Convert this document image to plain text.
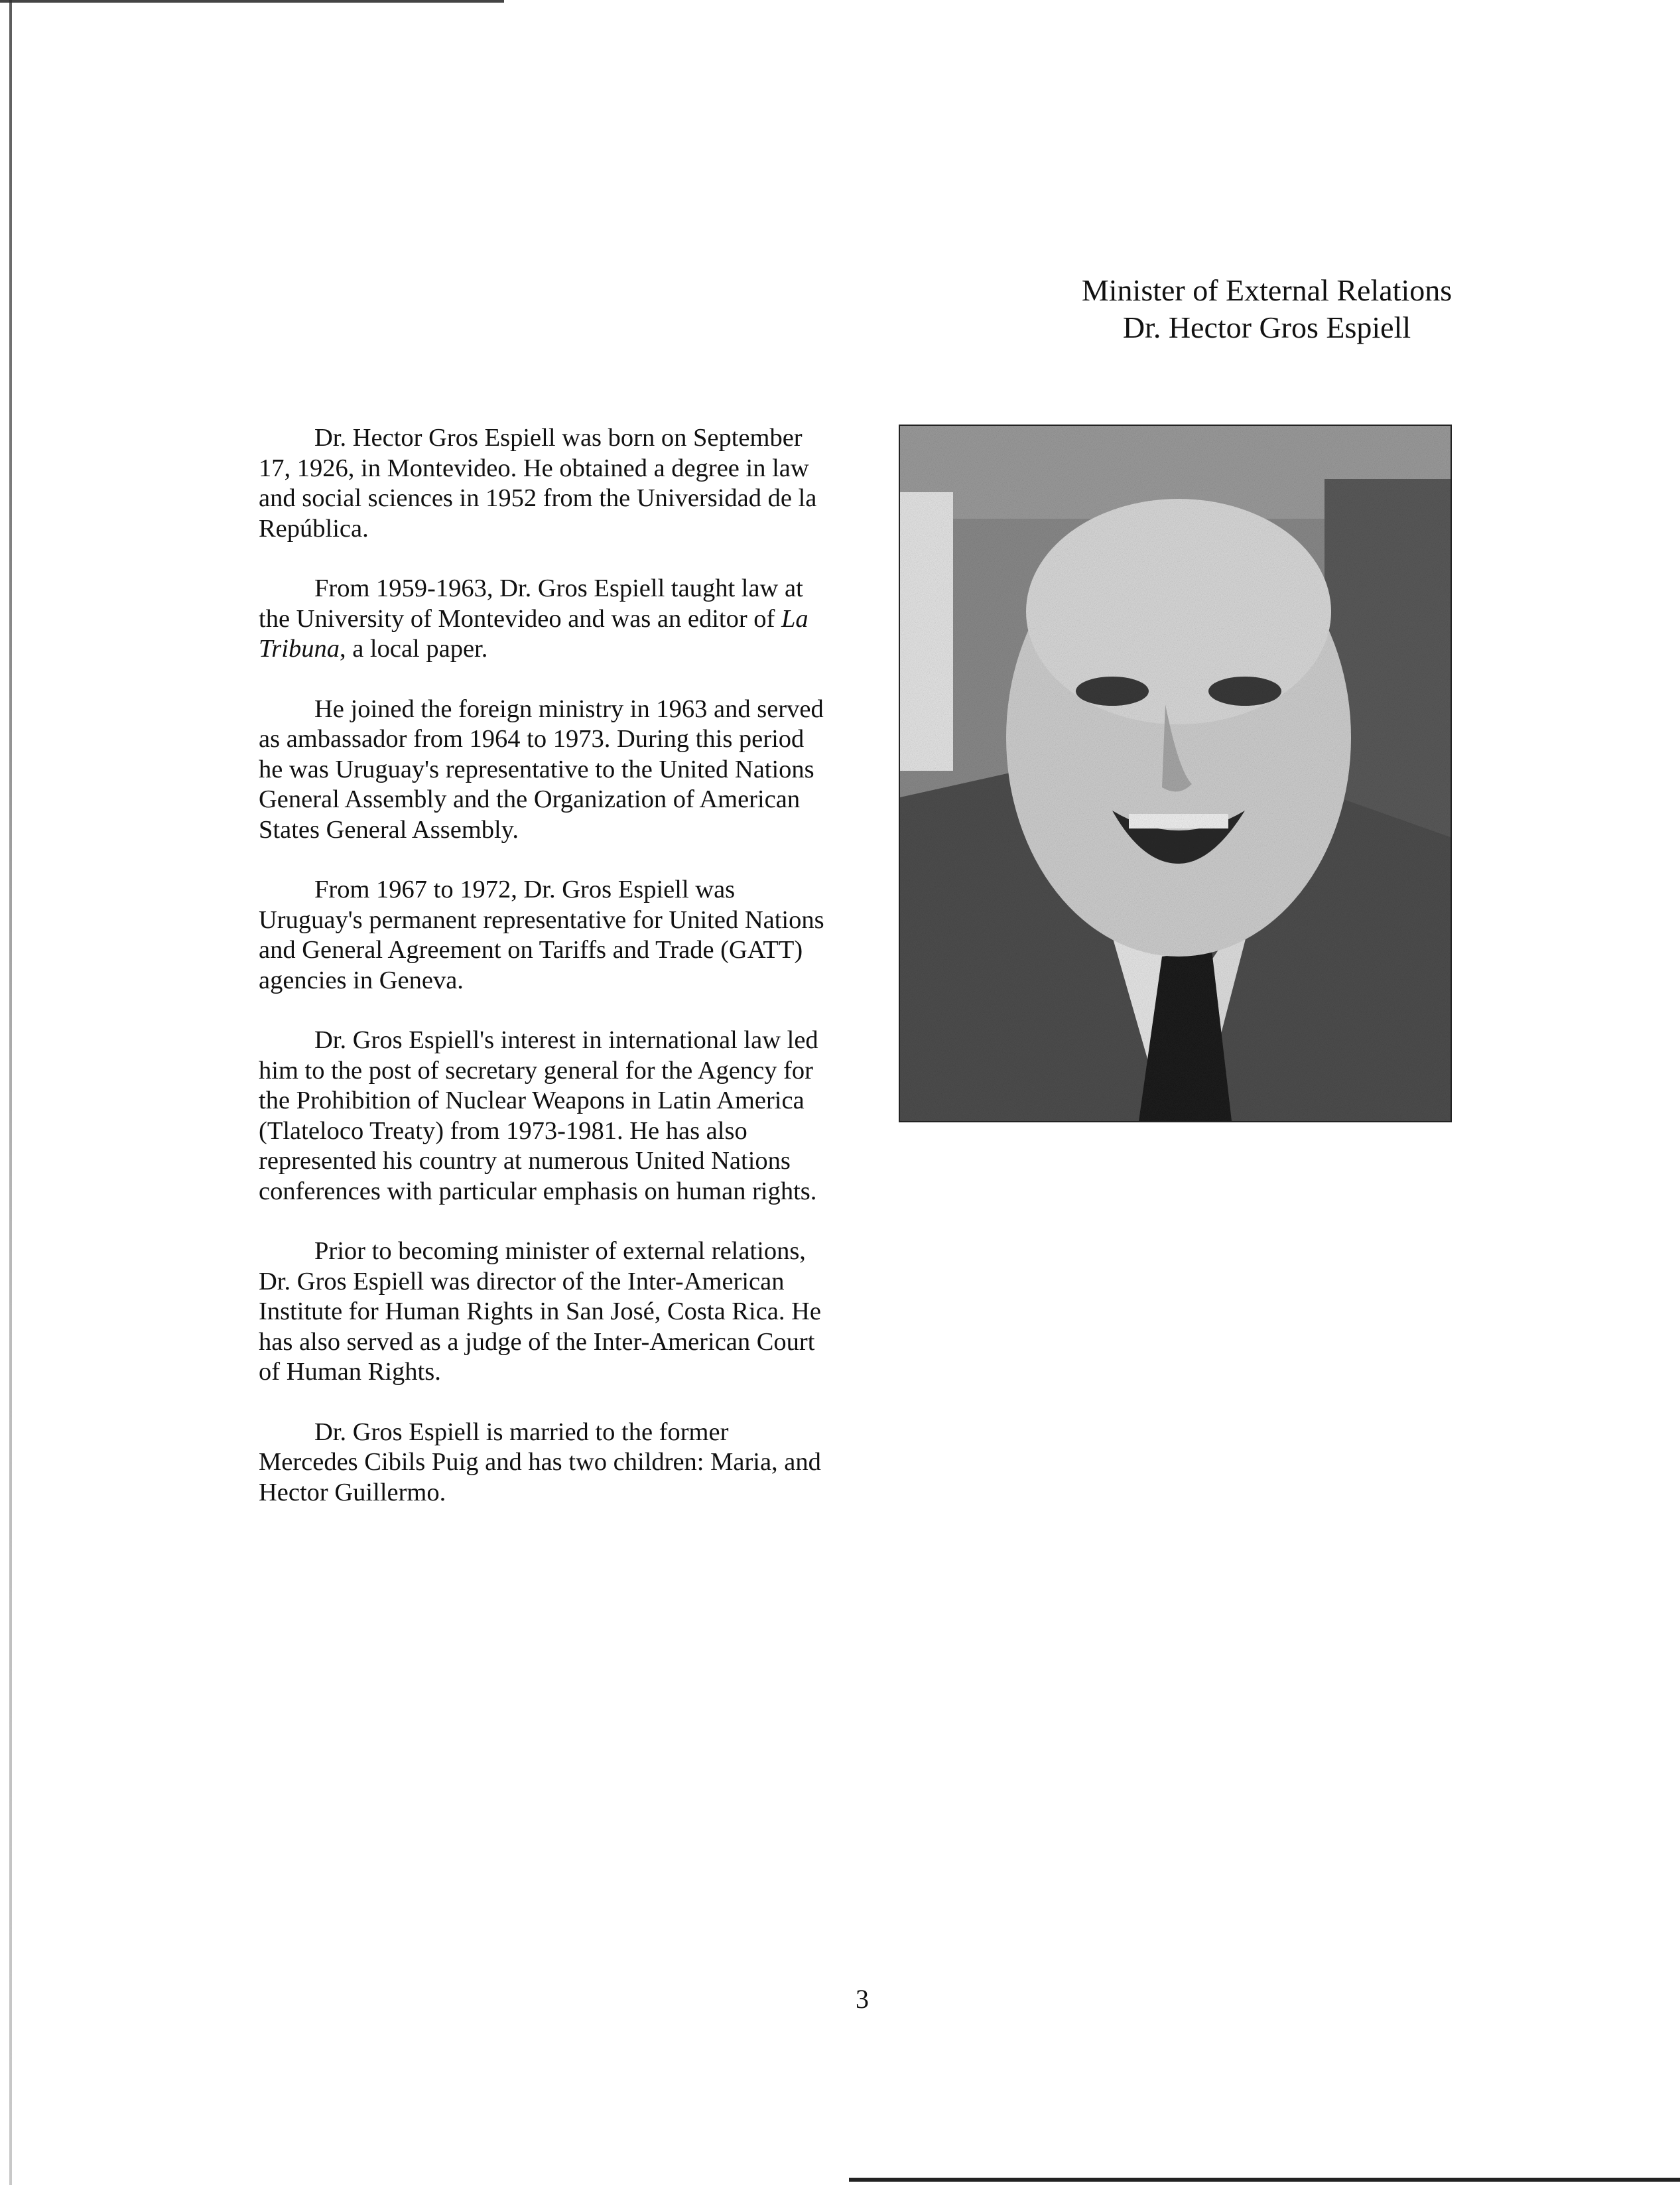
Minister of External Relations
Dr. Hector Gros Espiell

Dr. Hector Gros Espiell was born on September 17, 1926, in Montevideo. He obtained a degree in law and social sciences in 1952 from the Universidad de la República.

From 1959-1963, Dr. Gros Espiell taught law at the University of Montevideo and was an editor of La Tribuna, a local paper.

He joined the foreign ministry in 1963 and served as ambassador from 1964 to 1973. During this period he was Uruguay's representative to the United Nations General Assembly and the Organization of American States General Assembly.

From 1967 to 1972, Dr. Gros Espiell was Uruguay's permanent representative for United Nations and General Agreement on Tariffs and Trade (GATT) agencies in Geneva.

Dr. Gros Espiell's interest in international law led him to the post of secretary general for the Agency for the Prohibition of Nuclear Weapons in Latin America (Tlateloco Treaty) from 1973-1981. He has also represented his country at numerous United Nations conferences with particular emphasis on human rights.

Prior to becoming minister of external relations, Dr. Gros Espiell was director of the Inter-American Institute for Human Rights in San José, Costa Rica. He has also served as a judge of the Inter-American Court of Human Rights.

Dr. Gros Espiell is married to the former Mercedes Cibils Puig and has two children: Maria, and Hector Guillermo.

3
